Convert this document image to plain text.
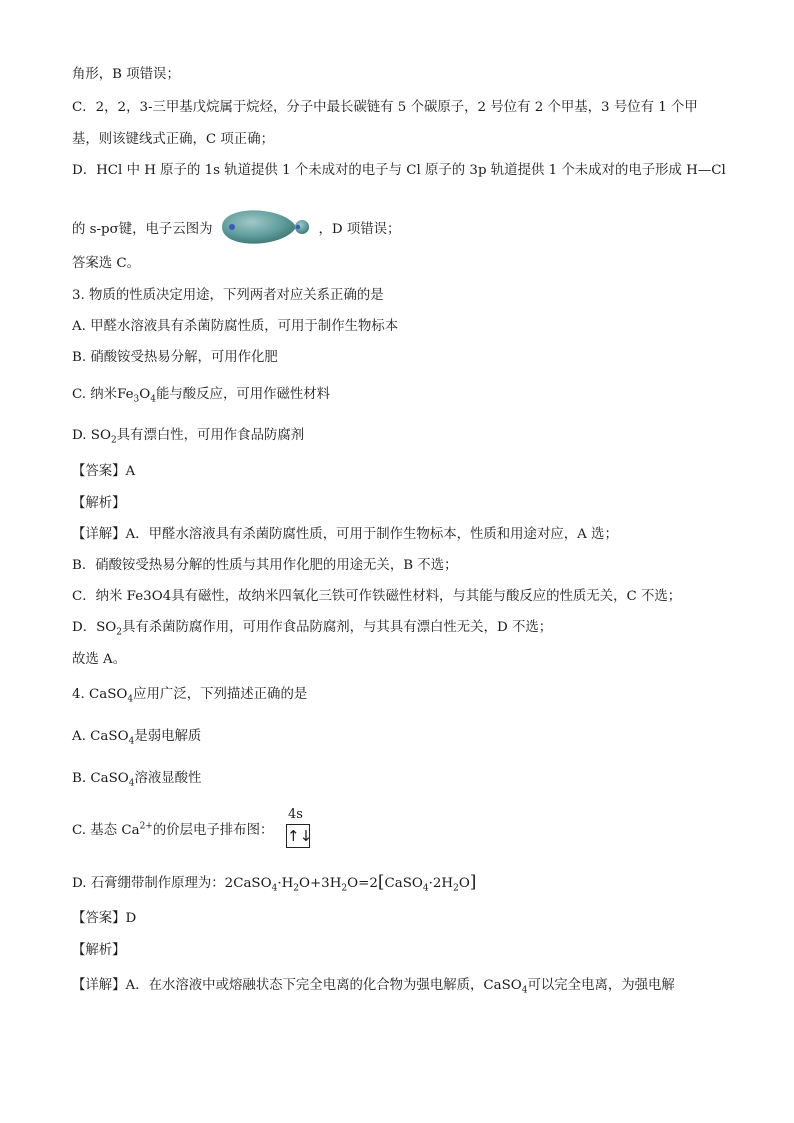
角形，B 项错误；
C．2，2，3-三甲基戊烷属于烷烃，分子中最长碳链有 5 个碳原子，2 号位有 2 个甲基，3 号位有 1 个甲
基，则该键线式正确，C 项正确；
D．HCl 中 H 原子的 1s 轨道提供 1 个未成对的电子与 Cl 原子的 3p 轨道提供 1 个未成对的电子形成 H—Cl
的 s-pσ键，电子云图为	，D 项错误；
答案选 C。
3. 物质的性质决定用途，下列两者对应关系正确的是
A. 甲醛水溶液具有杀菌防腐性质，可用于制作生物标本
B. 硝酸铵受热易分解，可用作化肥
C. 纳米$Fe_3O_4$能与酸反应，可用作磁性材料
D. $SO_2$具有漂白性，可用作食品防腐剂
【答案】A
【解析】
【详解】A．甲醛水溶液具有杀菌防腐性质，可用于制作生物标本，性质和用途对应，A 选；
B．硝酸铵受热易分解的性质与其用作化肥的用途无关，B 不选；
C．纳米 Fe3O4具有磁性，故纳米四氧化三铁可作铁磁性材料，与其能与酸反应的性质无关，C 不选；
D．$SO_2$具有杀菌防腐作用，可用作食品防腐剂，与其具有漂白性无关，D 不选；
故选 A。
4. CaSO$_4$应用广泛，下列描述正确的是
A. CaSO$_4$是弱电解质
B. CaSO$_4$溶液显酸性
C. 基态 $Ca^{2+}$的价层电子排布图：
4s
↑↓
D. 石膏绷带制作原理为：$2CaSO_4\cdot H_2O+3H_2O=2[CaSO_4\cdot 2H_2O]$
【答案】D
【解析】
【详解】A．在水溶液中或熔融状态下完全电离的化合物为强电解质，CaSO$_4$可以完全电离，为强电解
